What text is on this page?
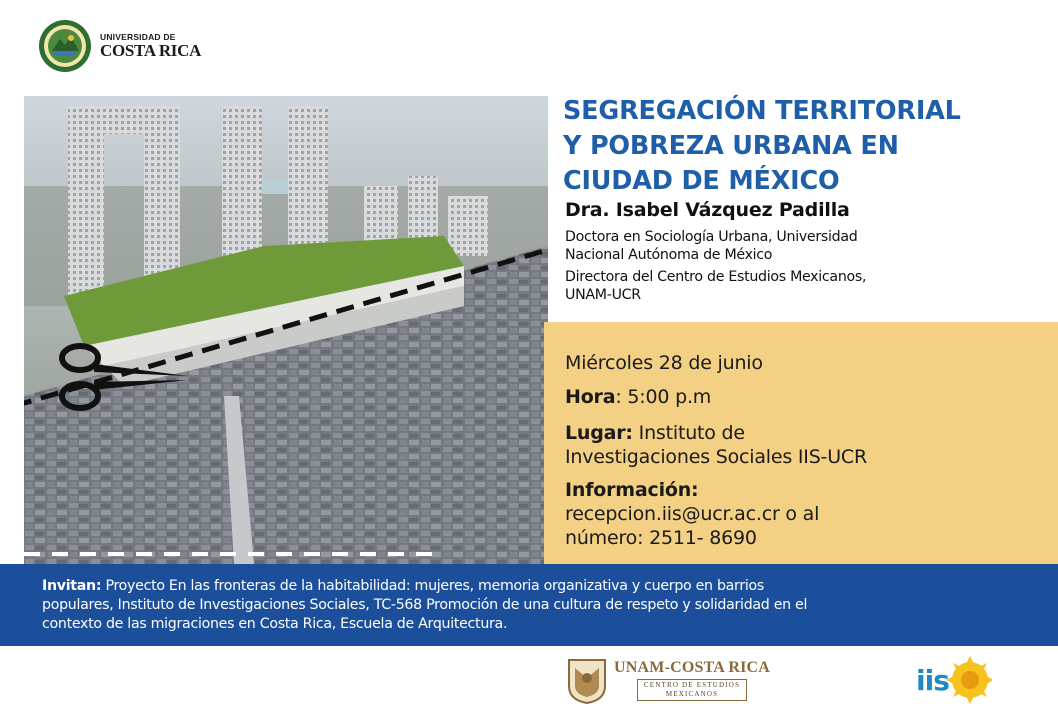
UNIVERSIDAD DE
COSTA RICA
SEGREGACIÓN TERRITORIAL
Y POBREZA URBANA EN
CIUDAD DE MÉXICO
Dra. Isabel Vázquez Padilla
Doctora en Sociología Urbana, Universidad
Nacional Autónoma de México
Directora del Centro de Estudios Mexicanos,
UNAM-UCR
Miércoles 28 de junio
Hora: 5:00 p.m
Lugar: Instituto de
Investigaciones Sociales IIS-UCR
Información:
recepcion.iis@ucr.ac.cr o al
número: 2511- 8690
Invitan: Proyecto En las fronteras de la habitabilidad: mujeres, memoria organizativa y cuerpo en barrios
populares, Instituto de Investigaciones Sociales, TC-568 Promoción de una cultura de respeto y solidaridad en el
contexto de las migraciones en Costa Rica, Escuela de Arquitectura.
UNAM-COSTA RICA
CENTRO DE ESTUDIOS
MEXICANOS	iis
